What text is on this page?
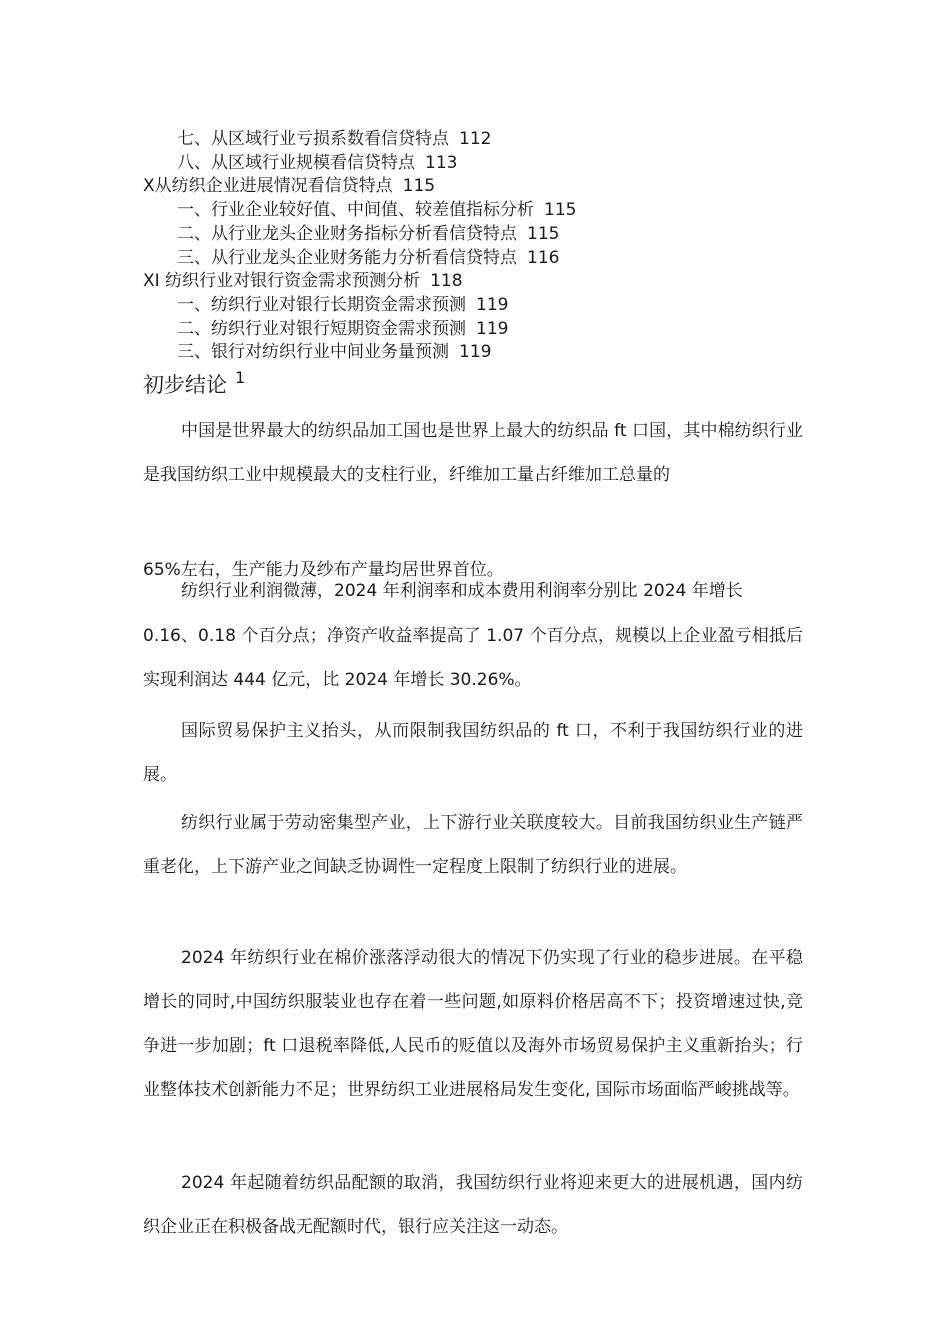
七、从区域行业亏损系数看信贷特点 112
八、从区域行业规模看信贷特点 113
X从纺织企业进展情况看信贷特点 115
一、行业企业较好值、中间值、较差值指标分析 115
二、从行业龙头企业财务指标分析看信贷特点 115
三、从行业龙头企业财务能力分析看信贷特点 116
XI 纺织行业对银行资金需求预测分析 118
一、纺织行业对银行长期资金需求预测 119
二、纺织行业对银行短期资金需求预测 119
三、银行对纺织行业中间业务量预测 119
初步结论 $^1$
中国是世界最大的纺织品加工国也是世界上最大的纺织品 ft 口国，其中棉纺织行业是我国纺织工业中规模最大的支柱行业，纤维加工量占纤维加工总量的
65%左右，生产能力及纱布产量均居世界首位。
纺织行业利润微薄，2024 年利润率和成本费用利润率分别比 2024 年增长
0.16、0.18 个百分点；净资产收益率提高了 1.07 个百分点，规模以上企业盈亏相抵后实现利润达 444 亿元，比 2024 年增长 30.26%。
国际贸易保护主义抬头，从而限制我国纺织品的 ft 口，不利于我国纺织行业的进展。
纺织行业属于劳动密集型产业，上下游行业关联度较大。目前我国纺织业生产链严重老化，上下游产业之间缺乏协调性一定程度上限制了纺织行业的进展。
2024 年纺织行业在棉价涨落浮动很大的情况下仍实现了行业的稳步进展。在平稳增长的同时,中国纺织服装业也存在着一些问题,如原料价格居高不下；投资增速过快,竞争进一步加剧；ft 口退税率降低,人民币的贬值以及海外市场贸易保护主义重新抬头；行业整体技术创新能力不足；世界纺织工业进展格局发生变化, 国际市场面临严峻挑战等。
2024 年起随着纺织品配额的取消，我国纺织行业将迎来更大的进展机遇，国内纺织企业正在积极备战无配额时代，银行应关注这一动态。
